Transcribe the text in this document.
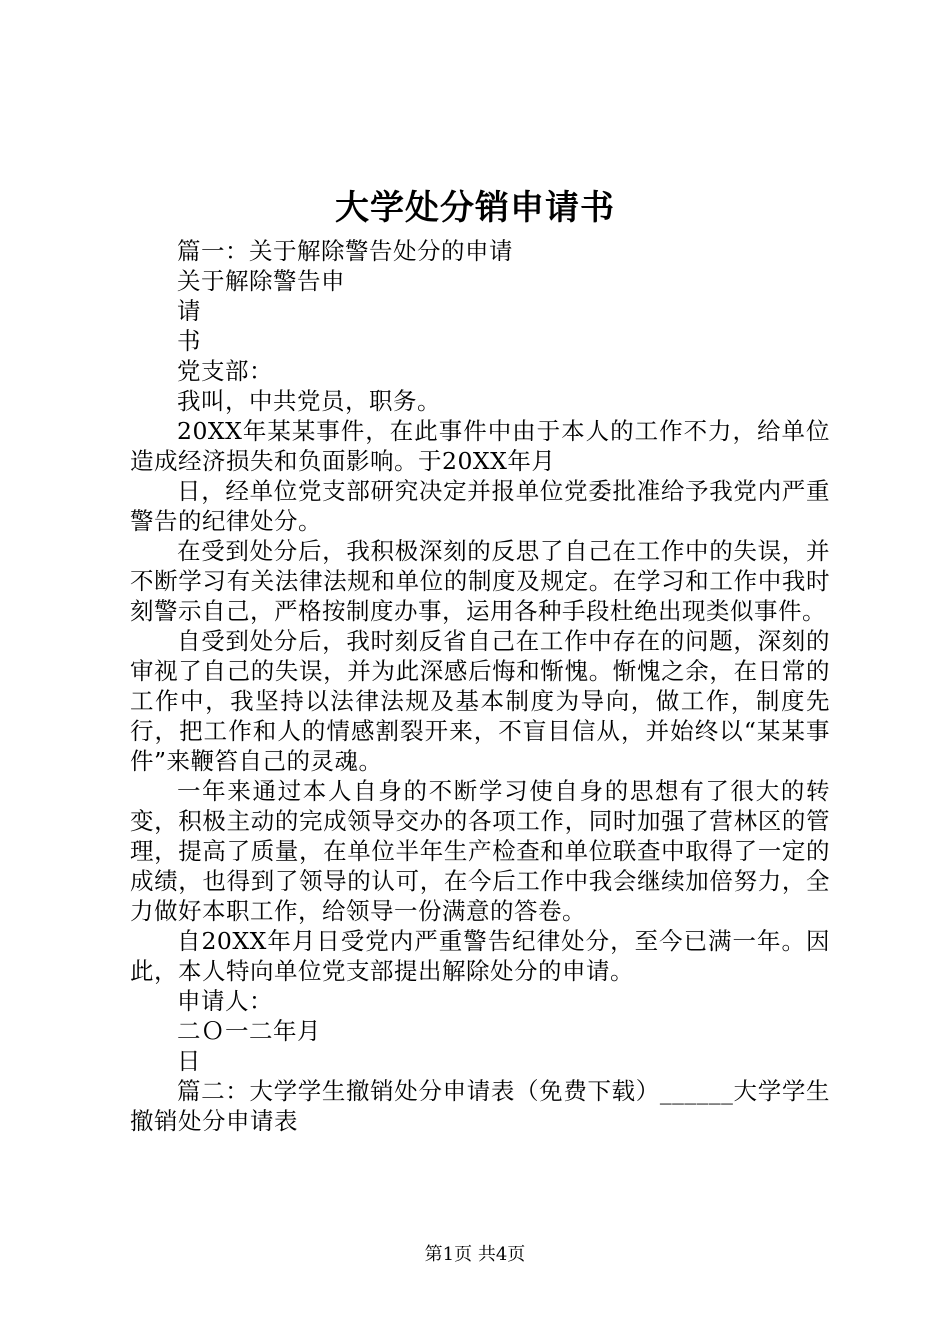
大学处分销申请书

篇一：关于解除警告处分的申请

关于解除警告申

请

书

党支部：

我叫，中共党员，职务。

20XX年某某事件，在此事件中由于本人的工作不力，给单位造成经济损失和负面影响。于20XX年月

日，经单位党支部研究决定并报单位党委批准给予我党内严重警告的纪律处分。

在受到处分后，我积极深刻的反思了自己在工作中的失误，并不断学习有关法律法规和单位的制度及规定。在学习和工作中我时刻警示自己，严格按制度办事，运用各种手段杜绝出现类似事件。

自受到处分后，我时刻反省自己在工作中存在的问题，深刻的审视了自己的失误，并为此深感后悔和惭愧。惭愧之余，在日常的工作中，我坚持以法律法规及基本制度为导向，做工作，制度先行，把工作和人的情感割裂开来，不盲目信从，并始终以“某某事件”来鞭笞自己的灵魂。

一年来通过本人自身的不断学习使自身的思想有了很大的转变，积极主动的完成领导交办的各项工作，同时加强了营林区的管理，提高了质量，在单位半年生产检查和单位联查中取得了一定的成绩，也得到了领导的认可，在今后工作中我会继续加倍努力，全力做好本职工作，给领导一份满意的答卷。

自20XX年月日受党内严重警告纪律处分，至今已满一年。因此，本人特向单位党支部提出解除处分的申请。

申请人：

二Ｏ一二年月

日

篇二：大学学生撤销处分申请表（免费下载）______大学学生撤销处分申请表

第1页 共4页
